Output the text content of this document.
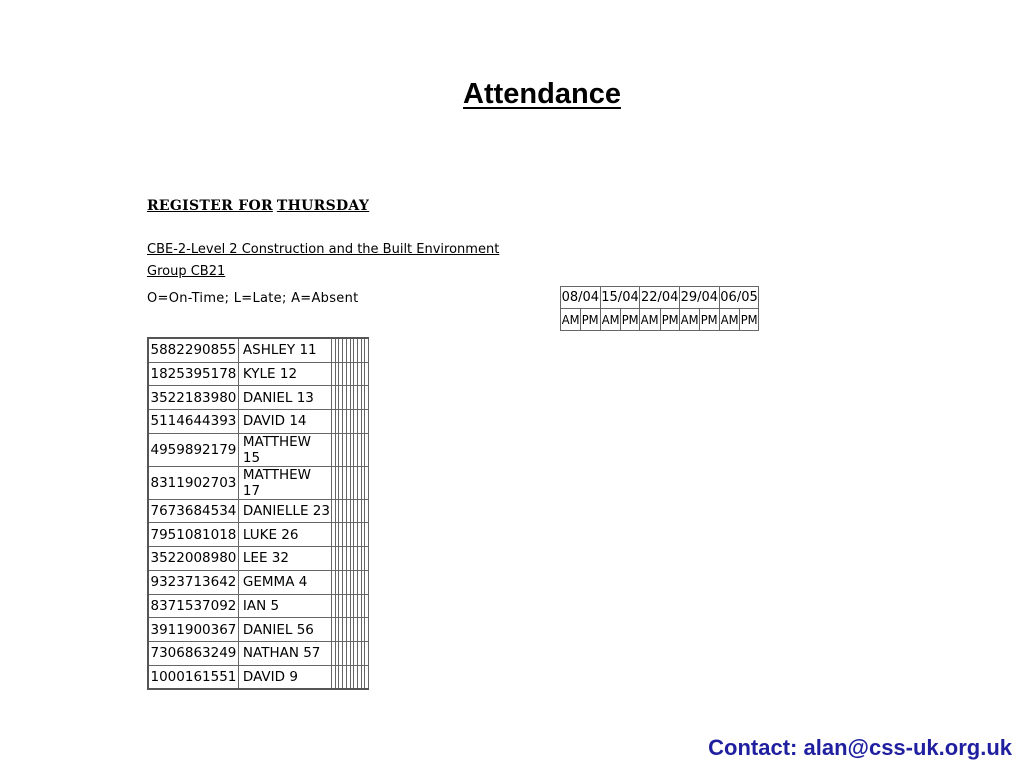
Attendance

REGISTER FOR THURSDAY

CBE-2-Level 2 Construction and the Built Environment
Group CB21
O=On-Time; L=Late; A=Absent	08/04		15/04		22/04		29/04		06/05	
AM	PM	AM	PM	AM	PM	AM	PM	AM	PM
5882290855	ASHLEY 11										
1825395178	KYLE 12										
3522183980	DANIEL 13										
5114644393	DAVID 14										
4959892179	MATTHEW 15										
8311902703	MATTHEW 17										
7673684534	DANIELLE 23										
7951081018	LUKE 26										
3522008980	LEE 32										
9323713642	GEMMA 4										
8371537092	IAN 5										
3911900367	DANIEL 56										
7306863249	NATHAN 57										
1000161551	DAVID 9										
Contact: alan@css-uk.org.uk
